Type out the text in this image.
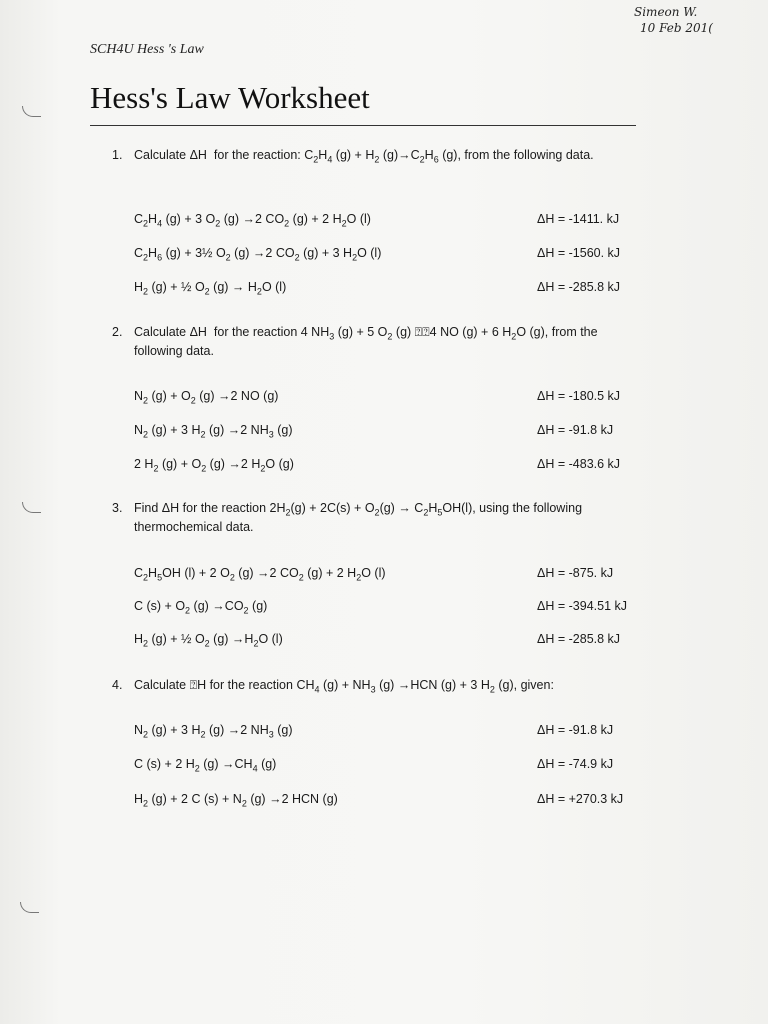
Simeon W.
10 Feb 201(
SCH4U Hess 's Law
Hess's Law Worksheet
1. Calculate ΔH  for the reaction: $C_2H_4$ $(g) + H_2$ $(g)\to C_2H_6$ (g), from the following data.
$C_2H_4$ (g) + 3 $O_2$ (g) →2 $CO_2$ (g) + 2 $H_2O$ (l)	ΔH = -1411. kJ
$C_2H_6$ (g) + 3½ $O_2$ (g) →2 $CO_2$ (g) + 3 $H_2O$ (l)	ΔH = -1560. kJ
$H_2$ (g) + ½ $O_2$ $(g) \to H_2O$ (l)	ΔH = -285.8 kJ
2. Calculate ΔH  for the reaction 4 $NH_3$ (g) + 5 $O_2$ (g) ⍰⍰4 NO (g) + 6 $H_2O$ (g), from the following data.
$N_2$ $(g) + O_2$ (g) →2 NO (g)	ΔH = -180.5 kJ
$N_2$ (g) + 3 $H_2$ (g) →2 $NH_3$ (g)	ΔH = -91.8 kJ
2 $H_2$ $(g) + O_2$ (g) →2 $H_2O$ (g)	ΔH = -483.6 kJ
3. Find ΔH for the reaction $2H_2(g) + 2C(s) + O_2(g) \to C_2H_5OH(l)$, using the following thermochemical data.
$C_2H_5OH$ (l) + 2 $O_2$ (g) →2 $CO_2$ (g) + 2 $H_2O$ (l)	ΔH = -875. kJ
C $(s) + O_2$ $(g) \to CO_2$ (g)	ΔH = -394.51 kJ
$H_2$ (g) + ½ $O_2$ $(g) \to H_2O$ (l)	ΔH = -285.8 kJ
4. Calculate ⍰H for the reaction $CH_4$ $(g) + NH_3$ (g) →HCN (g) + 3 $H_2$ (g), given:
$N_2$ (g) + 3 $H_2$ (g) →2 $NH_3$ (g)	ΔH = -91.8 kJ
C (s) + 2 $H_2$ $(g) \to CH_4$ (g)	ΔH = -74.9 kJ
$H_2$ (g) + 2 C $(s) + N_2$ (g) →2 HCN (g)	ΔH = +270.3 kJ
